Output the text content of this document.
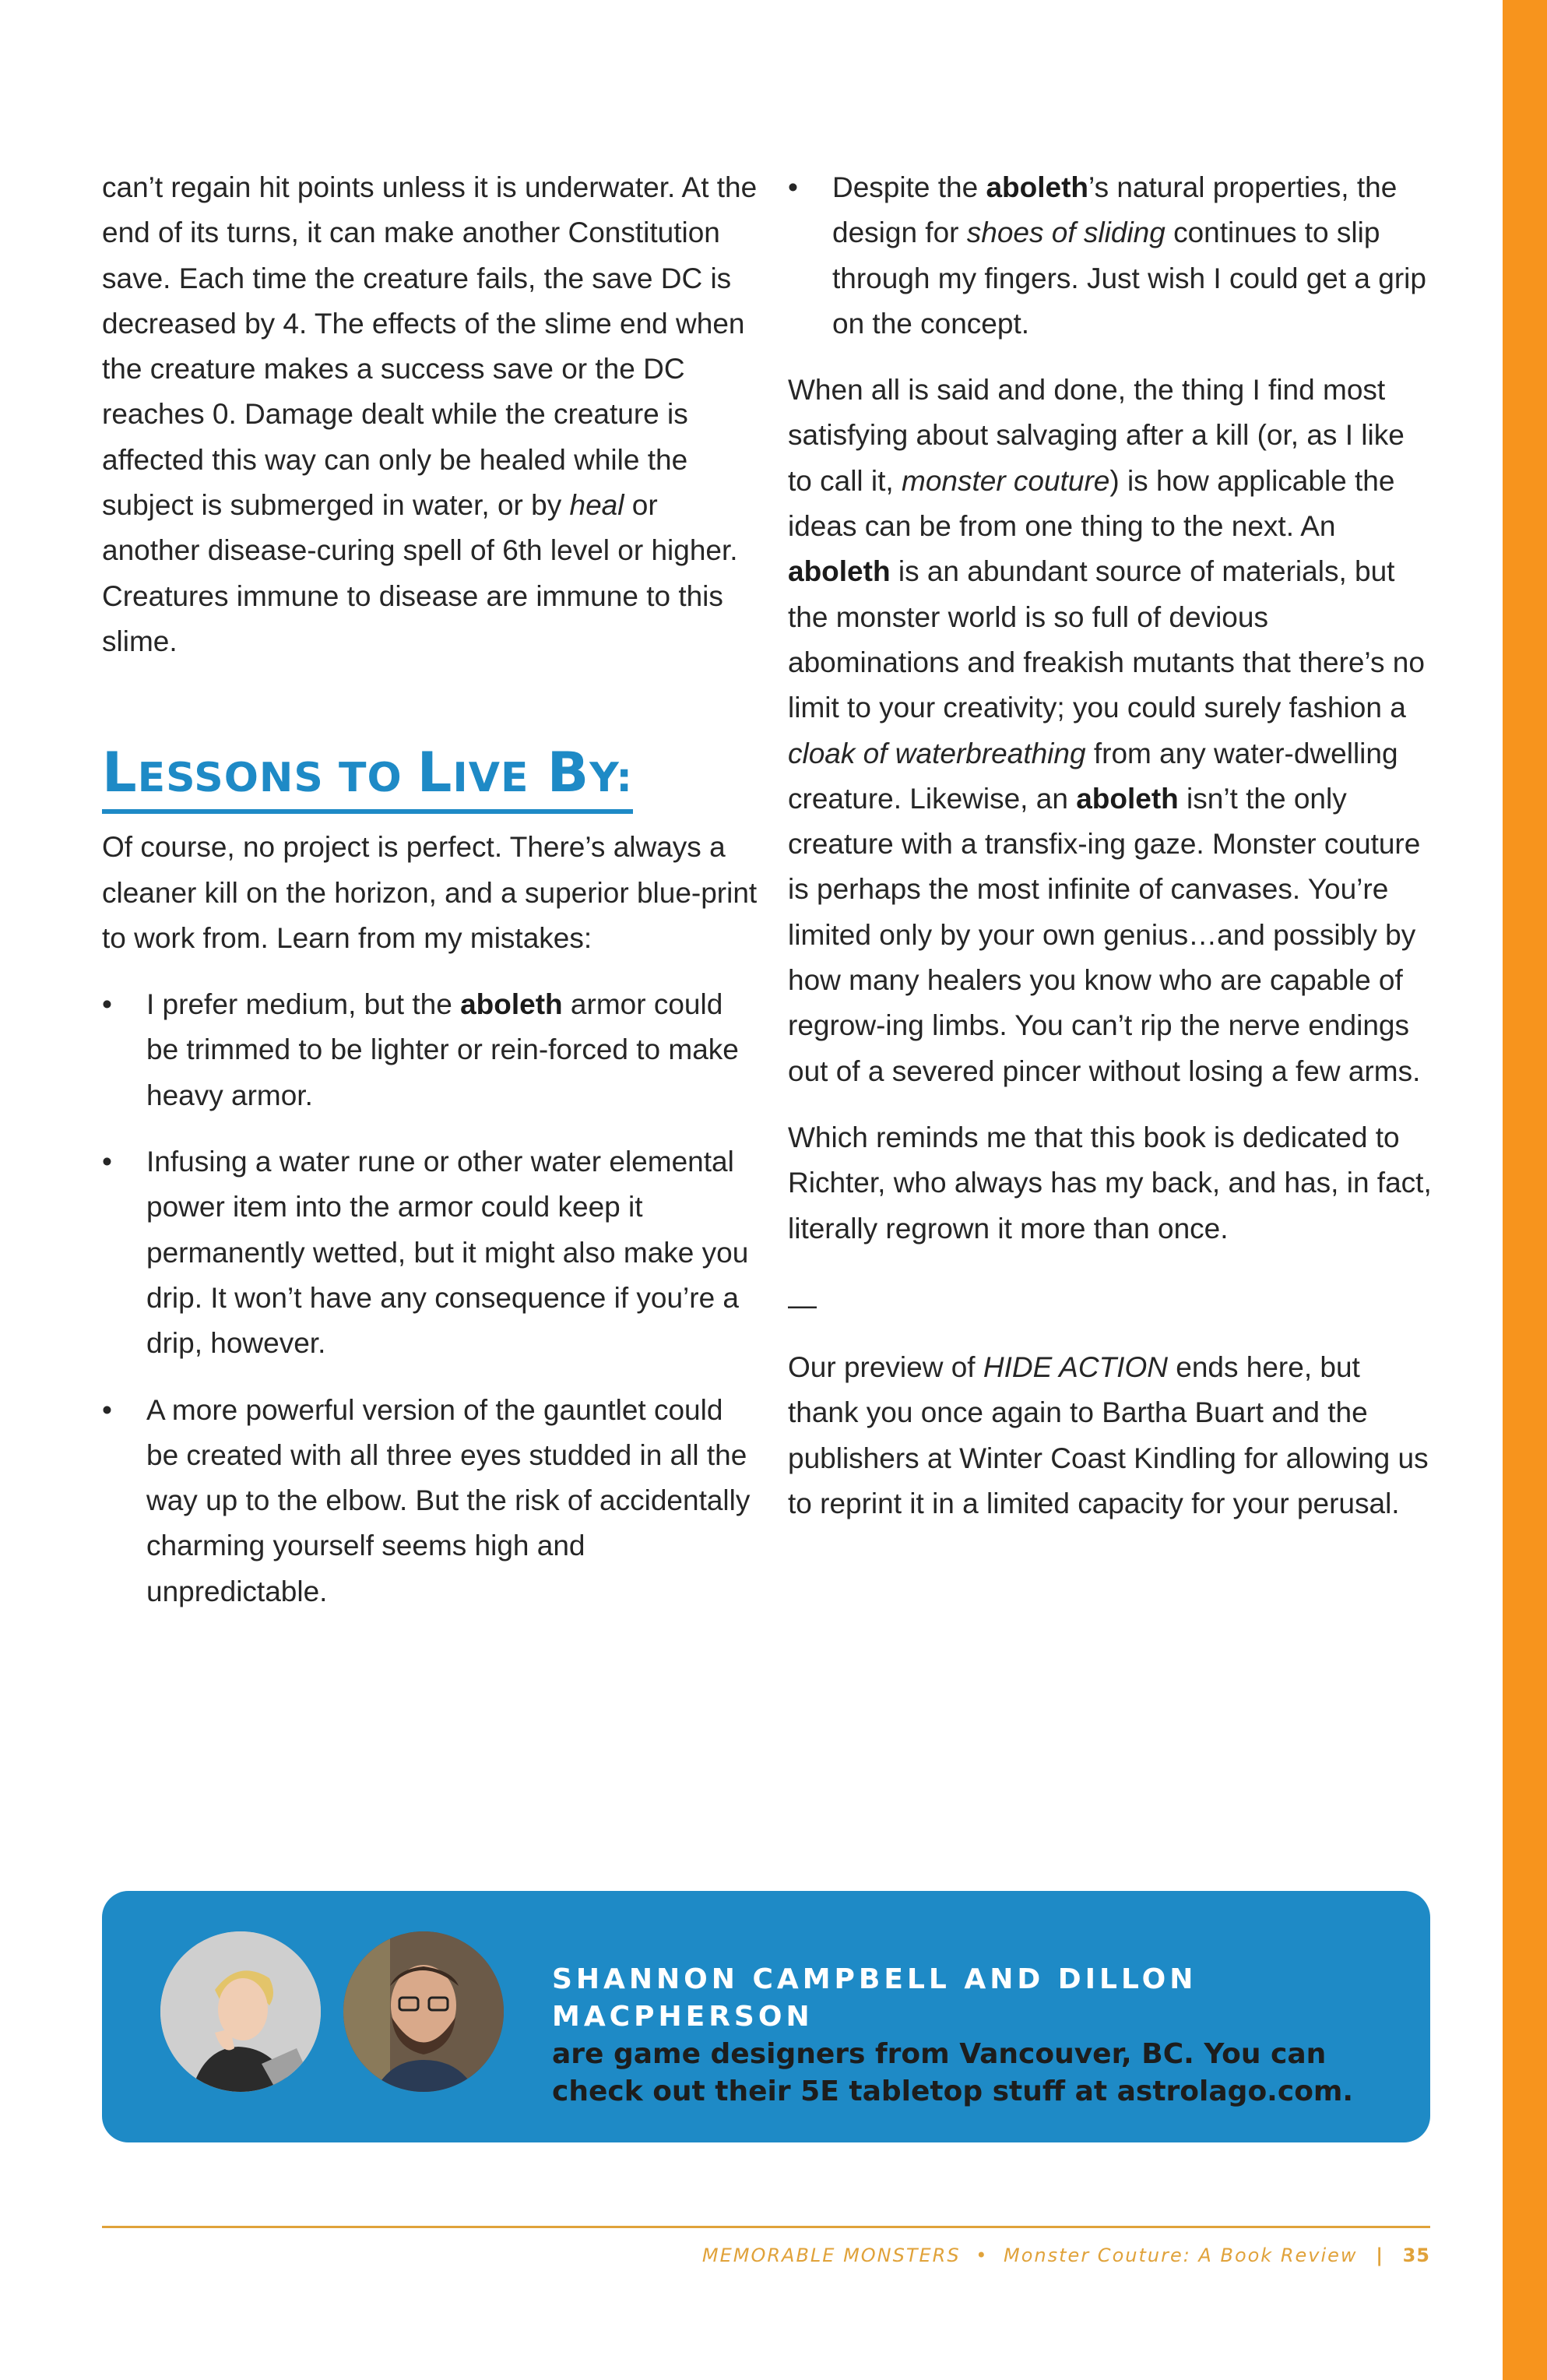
can’t regain hit points unless it is underwater. At the end of its turns, it can make another Constitution save. Each time the creature fails, the save DC is decreased by 4. The effects of the slime end when the creature makes a success save or the DC reaches 0. Damage dealt while the creature is affected this way can only be healed while the subject is submerged in water, or by heal or another disease-curing spell of 6th level or higher. Creatures immune to disease are immune to this slime.

LESSONS TO LIVE BY:

Of course, no project is perfect. There’s always a cleaner kill on the horizon, and a superior blue-print to work from. Learn from my mistakes:

• I prefer medium, but the aboleth armor could be trimmed to be lighter or rein-forced to make heavy armor.
• Infusing a water rune or other water elemental power item into the armor could keep it permanently wetted, but it might also make you drip. It won’t have any consequence if you’re a drip, however.
• A more powerful version of the gauntlet could be created with all three eyes studded in all the way up to the elbow. But the risk of accidentally charming yourself seems high and unpredictable.
• Despite the aboleth’s natural properties, the design for shoes of sliding continues to slip through my fingers. Just wish I could get a grip on the concept.

When all is said and done, the thing I find most satisfying about salvaging after a kill (or, as I like to call it, monster couture) is how applicable the ideas can be from one thing to the next. An aboleth is an abundant source of materials, but the monster world is so full of devious abominations and freakish mutants that there’s no limit to your creativity; you could surely fashion a cloak of waterbreathing from any water-dwelling creature. Likewise, an aboleth isn’t the only creature with a transfix-ing gaze. Monster couture is perhaps the most infinite of canvases. You’re limited only by your own genius…and possibly by how many healers you know who are capable of regrow-ing limbs. You can’t rip the nerve endings out of a severed pincer without losing a few arms.

Which reminds me that this book is dedicated to Richter, who always has my back, and has, in fact, literally regrown it more than once.

—

Our preview of HIDE ACTION ends here, but thank you once again to Bartha Buart and the publishers at Winter Coast Kindling for allowing us to reprint it in a limited capacity for your perusal.

SHANNON CAMPBELL AND DILLON MACPHERSON
are game designers from Vancouver, BC. You can check out their 5E tabletop stuff at astrolago.com.
MEMORABLE MONSTERS • Monster Couture: A Book Review | 35
